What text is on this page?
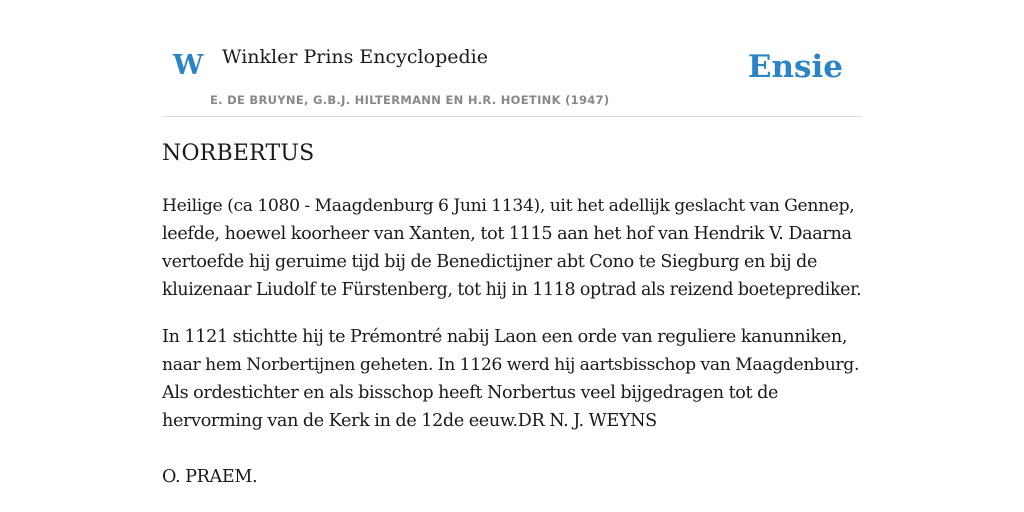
W Winkler Prins Encyclopedie
E. DE BRUYNE, G.B.J. HILTERMANN EN H.R. HOETINK (1947)
Ensie
NORBERTUS

Heilige (ca 1080 - Maagdenburg 6 Juni 1134), uit het adellijk geslacht van Gennep,
leefde, hoewel koorheer van Xanten, tot 1115 aan het hof van Hendrik V. Daarna
vertoefde hij geruime tijd bij de Benedictijner abt Cono te Siegburg en bij de
kluizenaar Liudolf te Fürstenberg, tot hij in 1118 optrad als reizend boeteprediker.

In 1121 stichtte hij te Prémontré nabij Laon een orde van reguliere kanunniken,
naar hem Norbertijnen geheten. In 1126 werd hij aartsbisschop van Maagdenburg.
Als ordestichter en als bisschop heeft Norbertus veel bijgedragen tot de
hervorming van de Kerk in de 12de eeuw.DR N. J. WEYNS

O. PRAEM.
